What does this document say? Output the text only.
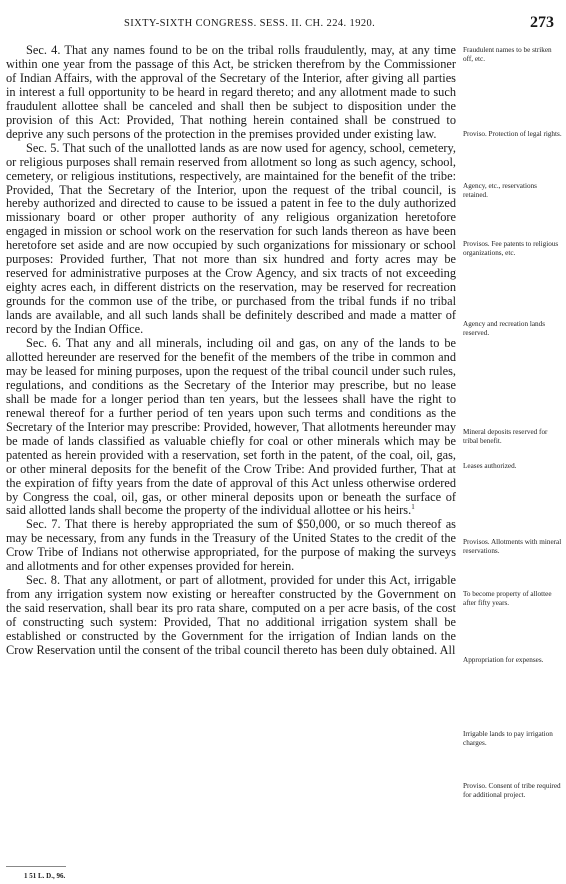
SIXTY-SIXTH CONGRESS. SESS. II. CH. 224. 1920.	273

Sec. 4. That any names found to be on the tribal rolls fraudulently, may, at any time within one year from the passage of this Act, be stricken therefrom by the Commissioner of Indian Affairs, with the approval of the Secretary of the Interior, after giving all parties in interest a full opportunity to be heard in regard thereto; and any allotment made to such fraudulent allottee shall be canceled and shall then be subject to disposition under the provision of this Act: Provided, That nothing herein contained shall be construed to deprive any such persons of the protection in the premises provided under existing law.

Sec. 5. That such of the unallotted lands as are now used for agency, school, cemetery, or religious purposes shall remain reserved from allotment so long as such agency, school, cemetery, or religious institutions, respectively, are maintained for the benefit of the tribe: Provided, That the Secretary of the Interior, upon the request of the tribal council, is hereby authorized and directed to cause to be issued a patent in fee to the duly authorized missionary board or other proper authority of any religious organization heretofore engaged in mission or school work on the reservation for such lands thereon as have been heretofore set aside and are now occupied by such organizations for missionary or school purposes: Provided further, That not more than six hundred and forty acres may be reserved for administrative purposes at the Crow Agency, and six tracts of not exceeding eighty acres each, in different districts on the reservation, may be reserved for recreation grounds for the common use of the tribe, or purchased from the tribal funds if no tribal lands are available, and all such lands shall be definitely described and made a matter of record by the Indian Office.

Sec. 6. That any and all minerals, including oil and gas, on any of the lands to be allotted hereunder are reserved for the benefit of the members of the tribe in common and may be leased for mining purposes, upon the request of the tribal council under such rules, regulations, and conditions as the Secretary of the Interior may prescribe, but no lease shall be made for a longer period than ten years, but the lessees shall have the right to renewal thereof for a further period of ten years upon such terms and conditions as the Secretary of the Interior may prescribe: Provided, however, That allotments hereunder may be made of lands classified as valuable chiefly for coal or other minerals which may be patented as herein provided with a reservation, set forth in the patent, of the coal, oil, gas, or other mineral deposits for the benefit of the Crow Tribe: And provided further, That at the expiration of fifty years from the date of approval of this Act unless otherwise ordered by Congress the coal, oil, gas, or other mineral deposits upon or beneath the surface of said allotted lands shall become the property of the individual allottee or his heirs.$^1$

Sec. 7. That there is hereby appropriated the sum of $50,000, or so much thereof as may be necessary, from any funds in the Treasury of the United States to the credit of the Crow Tribe of Indians not otherwise appropriated, for the purpose of making the surveys and allotments and for other expenses provided for herein.

Sec. 8. That any allotment, or part of allotment, provided for under this Act, irrigable from any irrigation system now existing or hereafter constructed by the Government on the said reservation, shall bear its pro rata share, computed on a per acre basis, of the cost of constructing such system: Provided, That no additional irrigation system shall be established or constructed by the Government for the irrigation of Indian lands on the Crow Reservation until the consent of the tribal council thereto has been duly obtained. All

Fraudulent names to be striken off, etc.
Proviso. Protection of legal rights.
Agency, etc., reservations retained.
Provisos. Fee patents to religious organizations, etc.
Agency and recreation lands reserved.
Mineral deposits reserved for tribal benefit.
Leases authorized.
Provisos. Allotments with mineral reservations.
To become property of allottee after fifty years.
Appropriation for expenses.
Irrigable lands to pay irrigation charges.
Proviso. Consent of tribe required for additional project.
1 51 L. D., 96.
